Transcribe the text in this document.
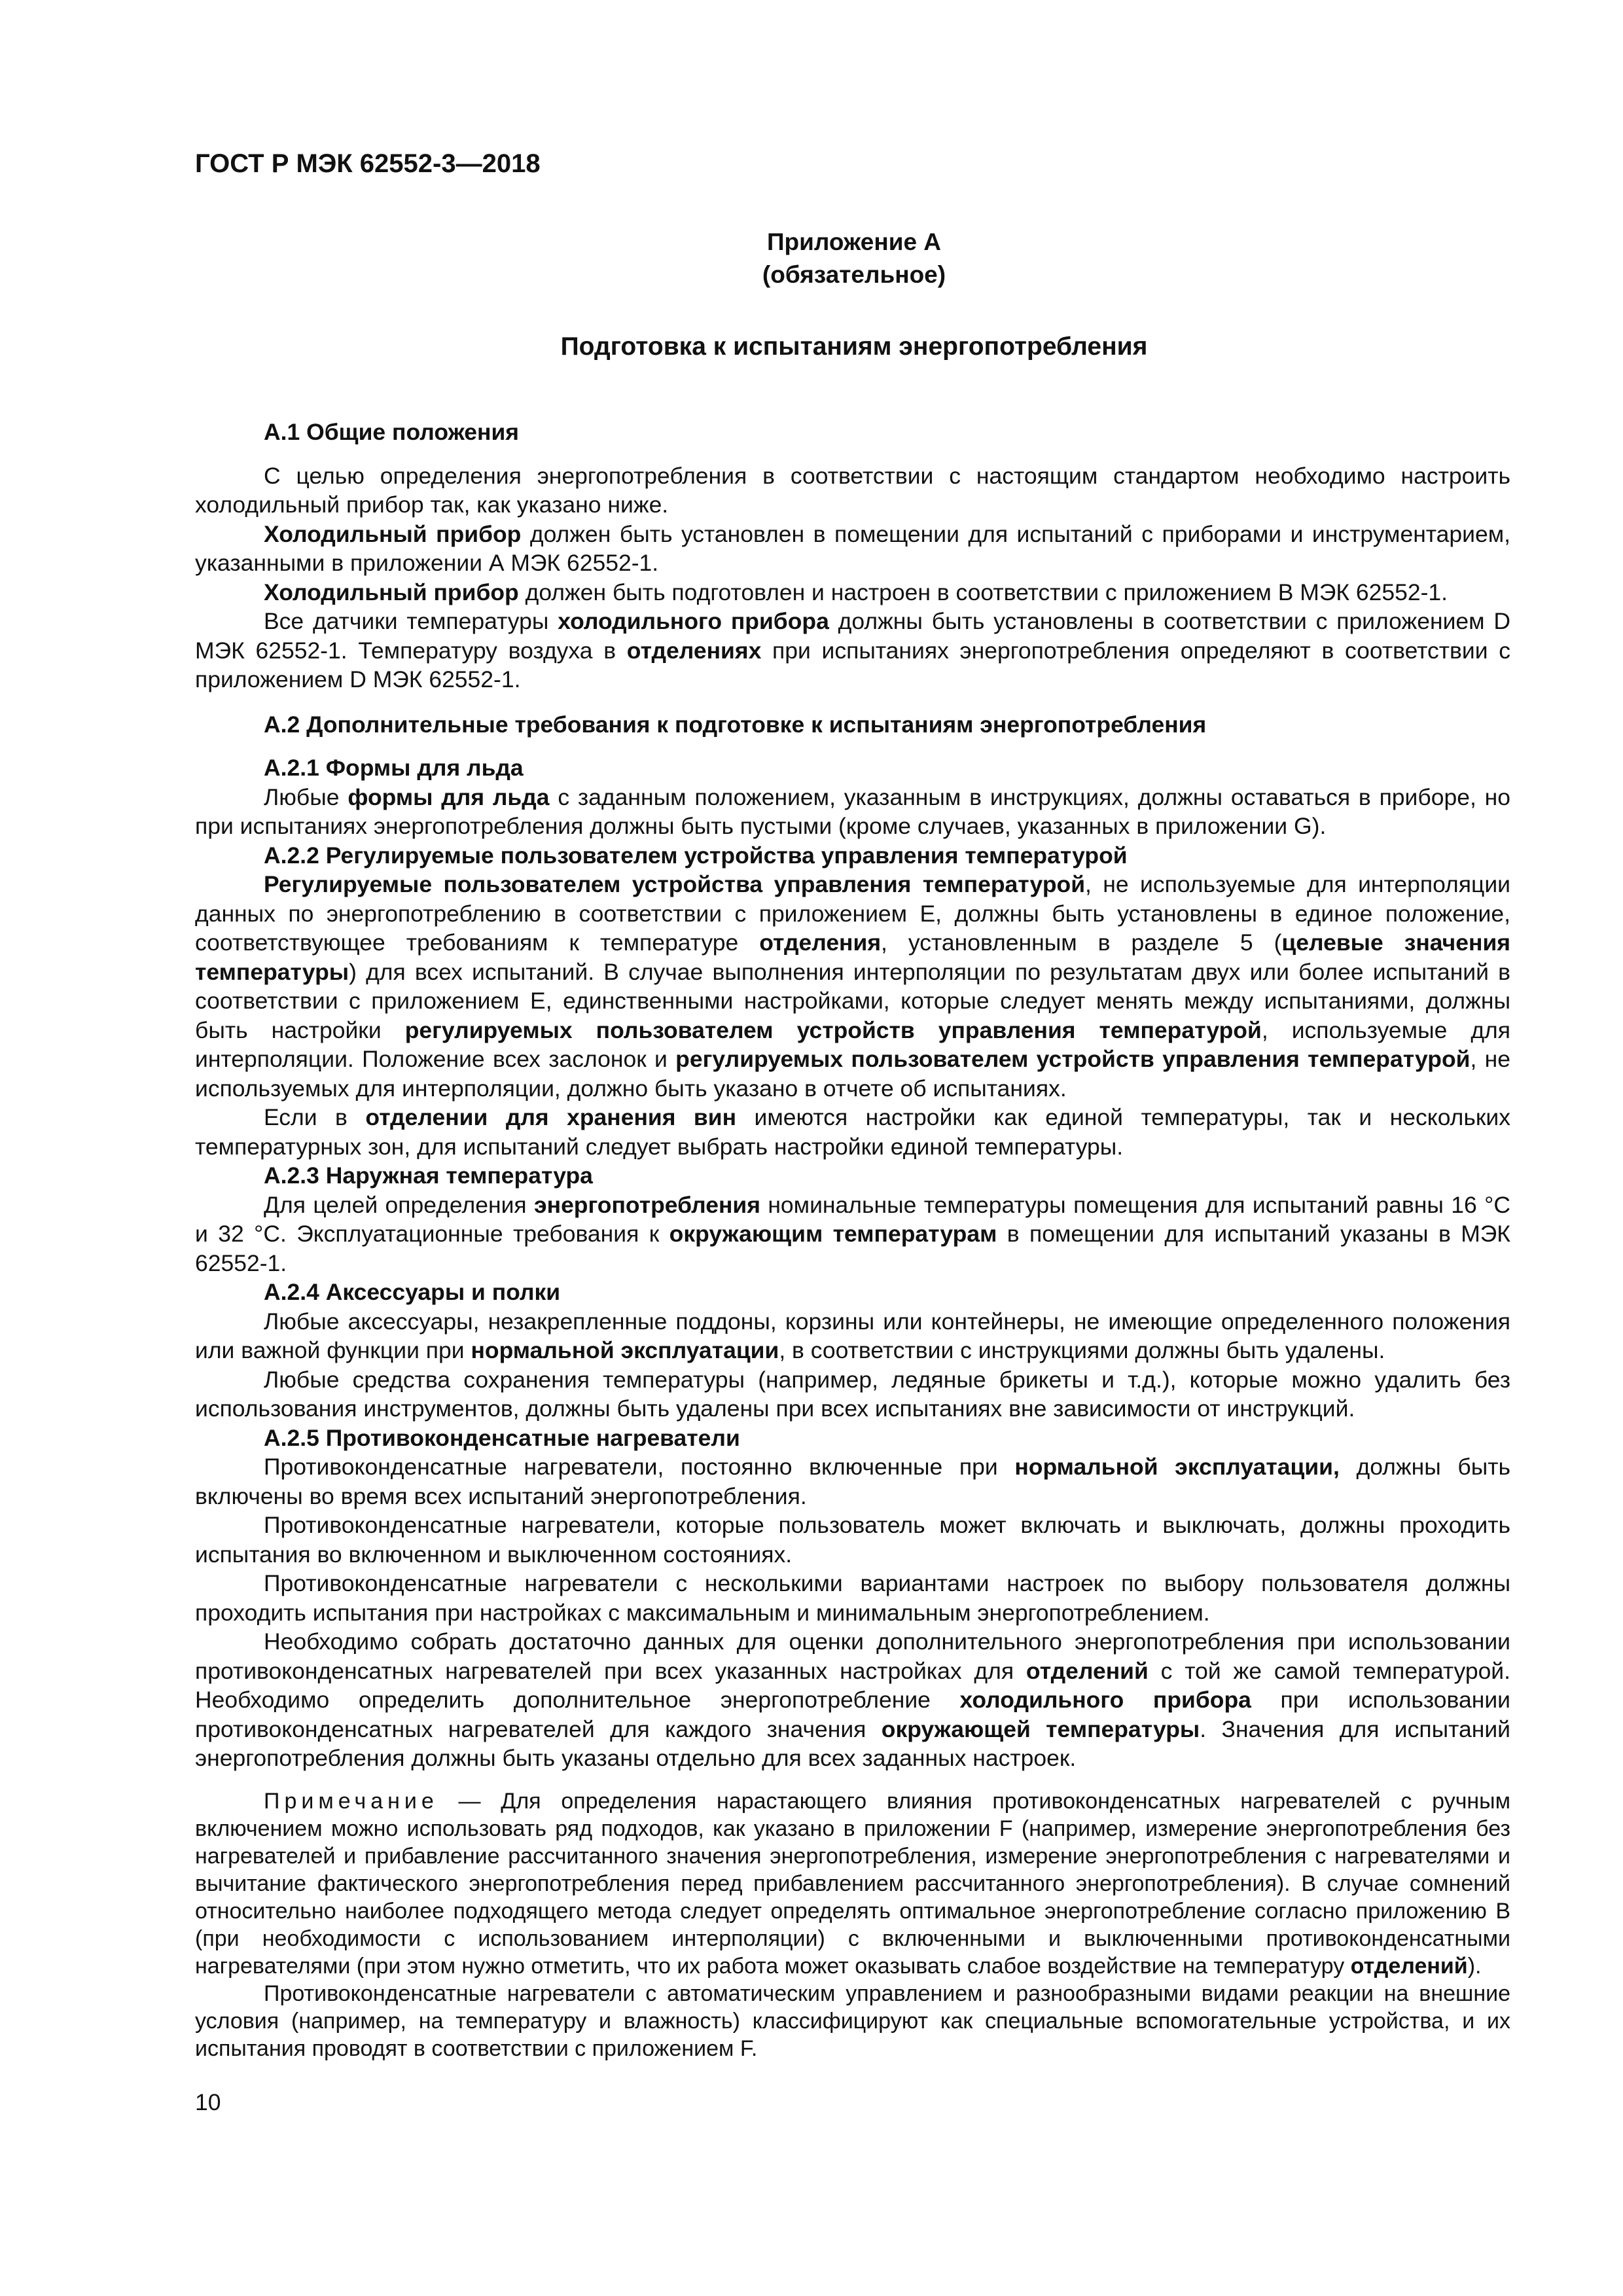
ГОСТ Р МЭК 62552-3—2018
Приложение А
(обязательное)
Подготовка к испытаниям энергопотребления
А.1 Общие положения

С целью определения энергопотребления в соответствии с настоящим стандартом необходимо настроить холодильный прибор так, как указано ниже.

Холодильный прибор должен быть установлен в помещении для испытаний с приборами и инструментарием, указанными в приложении А МЭК 62552-1.

Холодильный прибор должен быть подготовлен и настроен в соответствии с приложением В МЭК 62552-1.

Все датчики температуры холодильного прибора должны быть установлены в соответствии с приложением D МЭК 62552-1. Температуру воздуха в отделениях при испытаниях энергопотребления определяют в соответствии с приложением D МЭК 62552-1.

А.2 Дополнительные требования к подготовке к испытаниям энергопотребления
А.2.1 Формы для льда

Любые формы для льда с заданным положением, указанным в инструкциях, должны оставаться в приборе, но при испытаниях энергопотребления должны быть пустыми (кроме случаев, указанных в приложении G).

А.2.2 Регулируемые пользователем устройства управления температурой

Регулируемые пользователем устройства управления температурой, не используемые для интерполяции данных по энергопотреблению в соответствии с приложением Е, должны быть установлены в единое положение, соответствующее требованиям к температуре отделения, установленным в разделе 5 (целевые значения температуры) для всех испытаний. В случае выполнения интерполяции по результатам двух или более испытаний в соответствии с приложением Е, единственными настройками, которые следует менять между испытаниями, должны быть настройки регулируемых пользователем устройств управления температурой, используемые для интерполяции. Положение всех заслонок и регулируемых пользователем устройств управления температурой, не используемых для интерполяции, должно быть указано в отчете об испытаниях.

Если в отделении для хранения вин имеются настройки как единой температуры, так и нескольких температурных зон, для испытаний следует выбрать настройки единой температуры.

А.2.3 Наружная температура

Для целей определения энергопотребления номинальные температуры помещения для испытаний равны 16 °С и 32 °С. Эксплуатационные требования к окружающим температурам в помещении для испытаний указаны в МЭК 62552-1.

А.2.4 Аксессуары и полки

Любые аксессуары, незакрепленные поддоны, корзины или контейнеры, не имеющие определенного положения или важной функции при нормальной эксплуатации, в соответствии с инструкциями должны быть удалены.

Любые средства сохранения температуры (например, ледяные брикеты и т.д.), которые можно удалить без использования инструментов, должны быть удалены при всех испытаниях вне зависимости от инструкций.

А.2.5 Противоконденсатные нагреватели

Противоконденсатные нагреватели, постоянно включенные при нормальной эксплуатации, должны быть включены во время всех испытаний энергопотребления.

Противоконденсатные нагреватели, которые пользователь может включать и выключать, должны проходить испытания во включенном и выключенном состояниях.

Противоконденсатные нагреватели с несколькими вариантами настроек по выбору пользователя должны проходить испытания при настройках с максимальным и минимальным энергопотреблением.

Необходимо собрать достаточно данных для оценки дополнительного энергопотребления при использовании противоконденсатных нагревателей при всех указанных настройках для отделений с той же самой температурой. Необходимо определить дополнительное энергопотребление холодильного прибора при использовании противоконденсатных нагревателей для каждого значения окружающей температуры. Значения для испытаний энергопотребления должны быть указаны отдельно для всех заданных настроек.

Примечание — Для определения нарастающего влияния противоконденсатных нагревателей с ручным включением можно использовать ряд подходов, как указано в приложении F (например, измерение энергопотребления без нагревателей и прибавление рассчитанного значения энергопотребления, измерение энергопотребления с нагревателями и вычитание фактического энергопотребления перед прибавлением рассчитанного энергопотребления). В случае сомнений относительно наиболее подходящего метода следует определять оптимальное энергопотребление согласно приложению В (при необходимости с использованием интерполяции) с включенными и выключенными противоконденсатными нагревателями (при этом нужно отметить, что их работа может оказывать слабое воздействие на температуру отделений).

Противоконденсатные нагреватели с автоматическим управлением и разнообразными видами реакции на внешние условия (например, на температуру и влажность) классифицируют как специальные вспомогательные устройства, и их испытания проводят в соответствии с приложением F.

10
